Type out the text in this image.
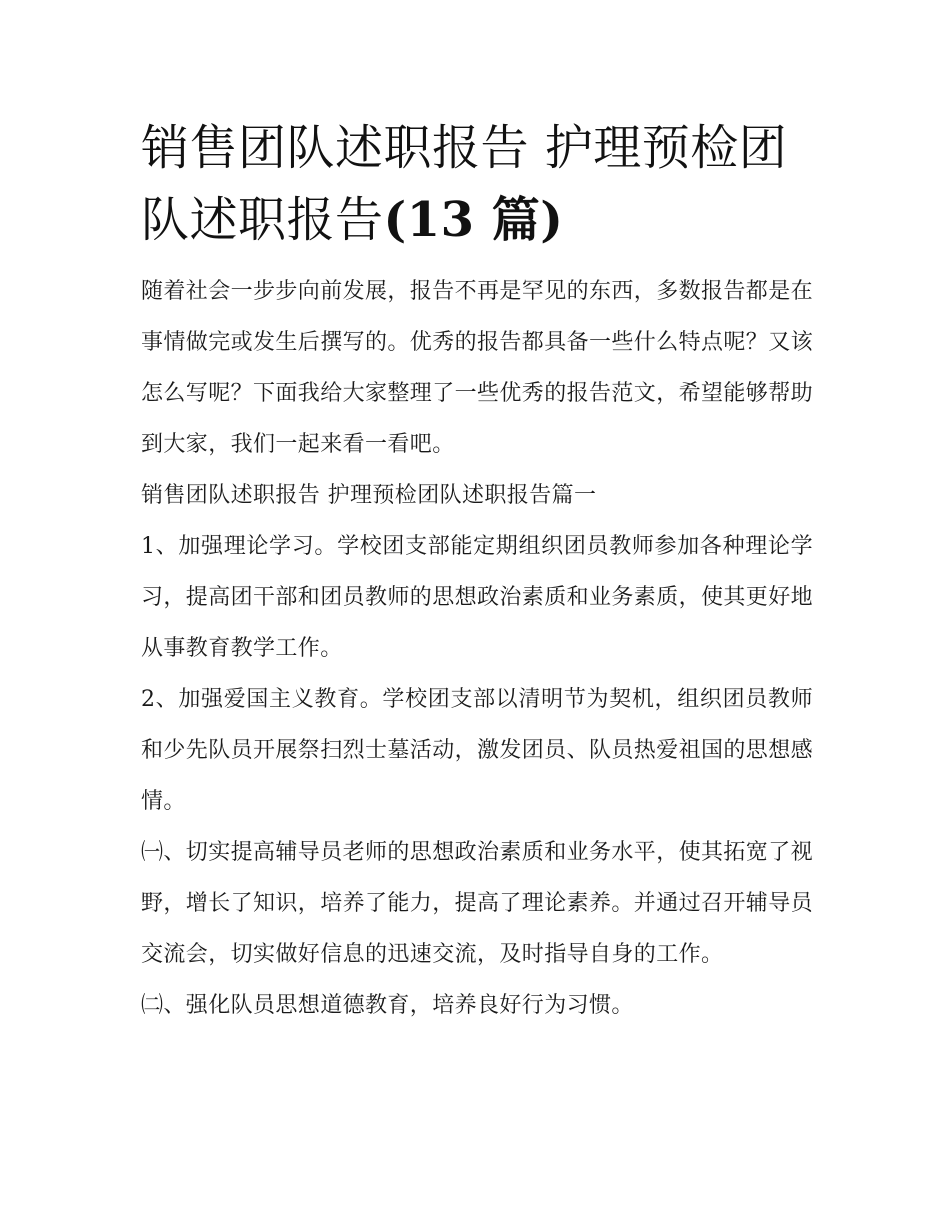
销售团队述职报告 护理预检团队述职报告(13 篇)

随着社会一步步向前发展，报告不再是罕见的东西，多数报告都是在事情做完或发生后撰写的。优秀的报告都具备一些什么特点呢？又该怎么写呢？下面我给大家整理了一些优秀的报告范文，希望能够帮助到大家，我们一起来看一看吧。

销售团队述职报告 护理预检团队述职报告篇一

1、加强理论学习。学校团支部能定期组织团员教师参加各种理论学习，提高团干部和团员教师的思想政治素质和业务素质，使其更好地从事教育教学工作。

2、加强爱国主义教育。学校团支部以清明节为契机，组织团员教师和少先队员开展祭扫烈士墓活动，激发团员、队员热爱祖国的思想感情。

㈠、切实提高辅导员老师的思想政治素质和业务水平，使其拓宽了视野，增长了知识，培养了能力，提高了理论素养。并通过召开辅导员交流会，切实做好信息的迅速交流，及时指导自身的工作。

㈡、强化队员思想道德教育，培养良好行为习惯。
